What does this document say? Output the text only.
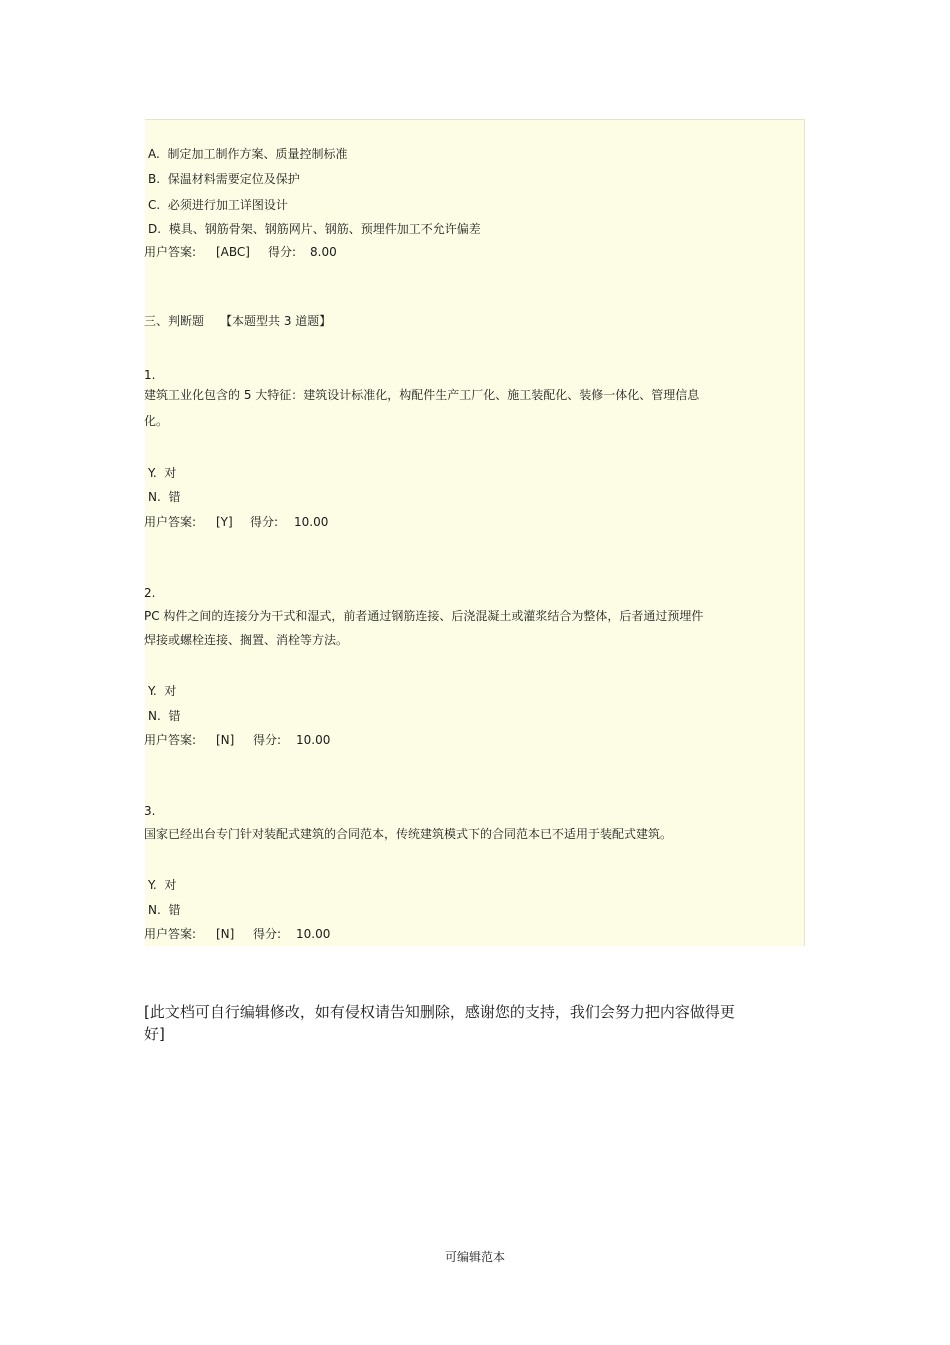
A. 制定加工制作方案、质量控制标准
B. 保温材料需要定位及保护
C. 必须进行加工详图设计
D. 模具、钢筋骨架、钢筋网片、钢筋、预埋件加工不允许偏差
用户答案: [ABC] 得分: 8.00
三、判断题 【本题型共 3 道题】
1.
建筑工业化包含的 5 大特征：建筑设计标准化，构配件生产工厂化、施工装配化、装修一体化、管理信息
化。
Y. 对
N. 错
用户答案: [Y] 得分: 10.00
2.
PC 构件之间的连接分为干式和湿式，前者通过钢筋连接、后浇混凝土或灌浆结合为整体，后者通过预埋件
焊接或螺栓连接、搁置、消栓等方法。
Y. 对
N. 错
用户答案: [N] 得分: 10.00
3.
国家已经出台专门针对装配式建筑的合同范本，传统建筑模式下的合同范本已不适用于装配式建筑。
Y. 对
N. 错
用户答案: [N] 得分: 10.00
[此文档可自行编辑修改，如有侵权请告知删除，感谢您的支持，我们会努力把内容做得更好]
可编辑范本
